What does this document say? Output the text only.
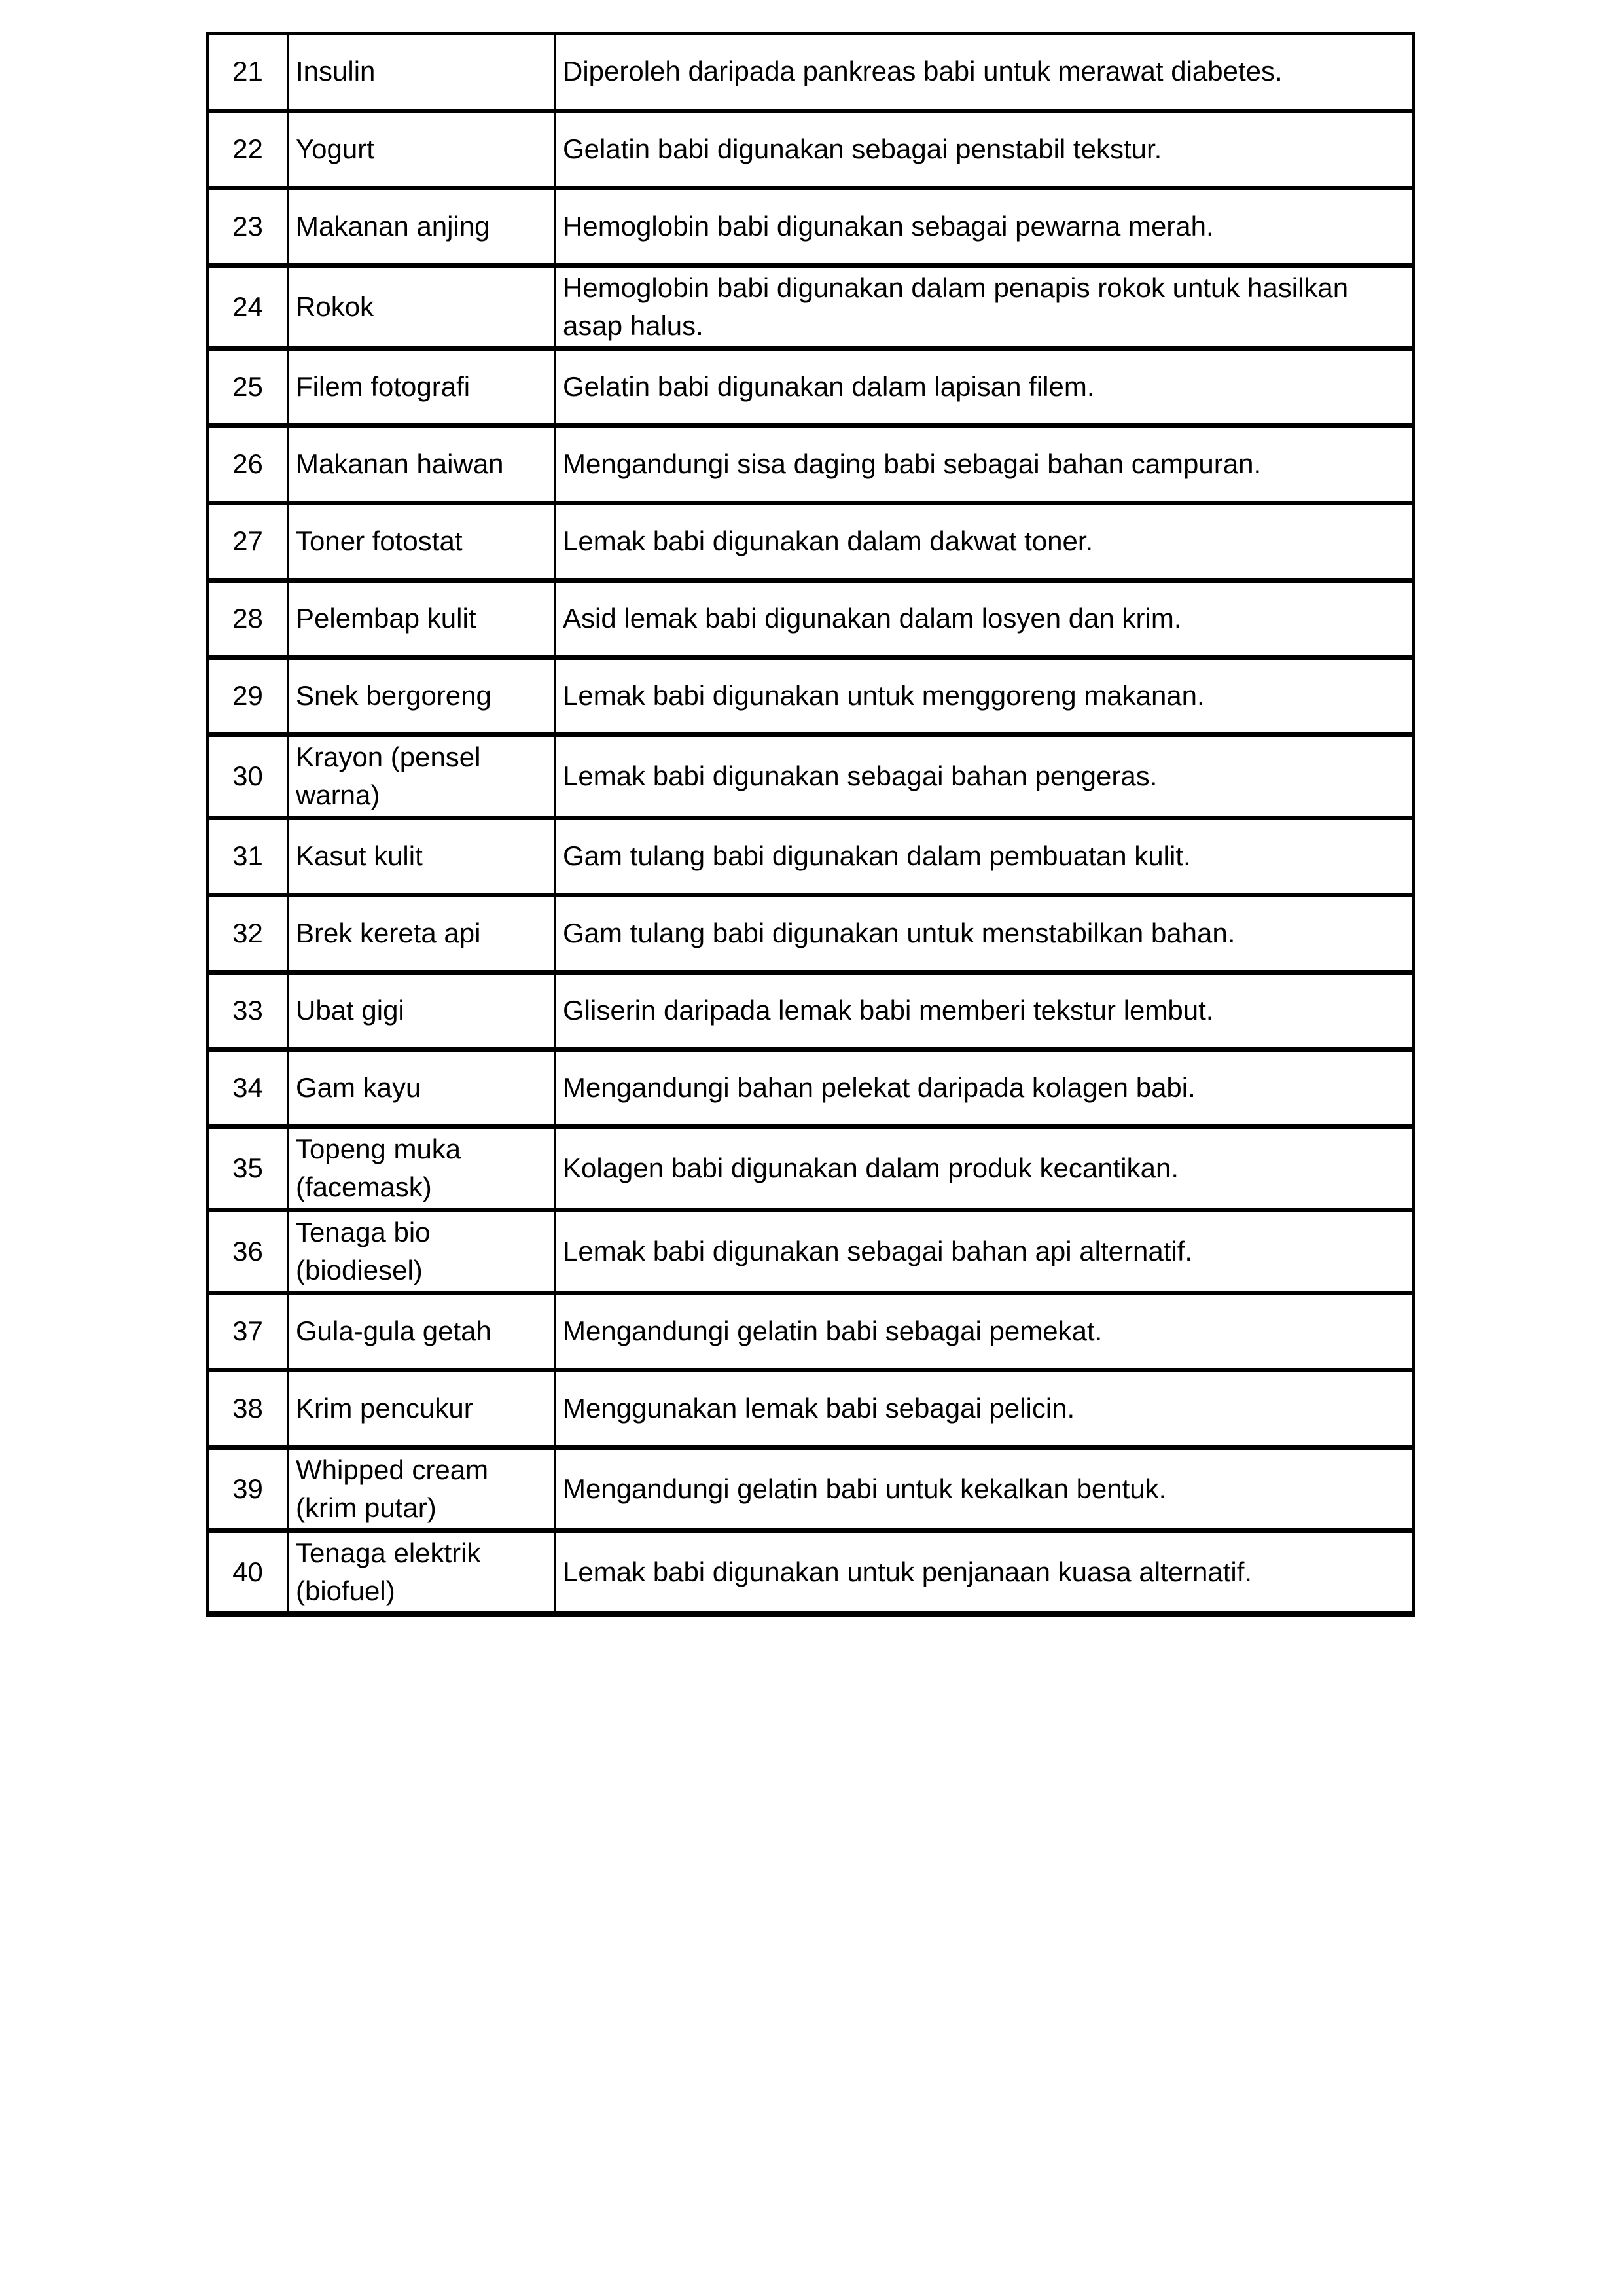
21	Insulin	Diperoleh daripada pankreas babi untuk merawat diabetes.
22	Yogurt	Gelatin babi digunakan sebagai penstabil tekstur.
23	Makanan anjing	Hemoglobin babi digunakan sebagai pewarna merah.
24	Rokok	Hemoglobin babi digunakan dalam penapis rokok untuk hasilkan asap halus.
25	Filem fotografi	Gelatin babi digunakan dalam lapisan filem.
26	Makanan haiwan	Mengandungi sisa daging babi sebagai bahan campuran.
27	Toner fotostat	Lemak babi digunakan dalam dakwat toner.
28	Pelembap kulit	Asid lemak babi digunakan dalam losyen dan krim.
29	Snek bergoreng	Lemak babi digunakan untuk menggoreng makanan.
30	Krayon (pensel warna)	Lemak babi digunakan sebagai bahan pengeras.
31	Kasut kulit	Gam tulang babi digunakan dalam pembuatan kulit.
32	Brek kereta api	Gam tulang babi digunakan untuk menstabilkan bahan.
33	Ubat gigi	Gliserin daripada lemak babi memberi tekstur lembut.
34	Gam kayu	Mengandungi bahan pelekat daripada kolagen babi.
35	Topeng muka (facemask)	Kolagen babi digunakan dalam produk kecantikan.
36	Tenaga bio (biodiesel)	Lemak babi digunakan sebagai bahan api alternatif.
37	Gula-gula getah	Mengandungi gelatin babi sebagai pemekat.
38	Krim pencukur	Menggunakan lemak babi sebagai pelicin.
39	Whipped cream (krim putar)	Mengandungi gelatin babi untuk kekalkan bentuk.
40	Tenaga elektrik (biofuel)	Lemak babi digunakan untuk penjanaan kuasa alternatif.
